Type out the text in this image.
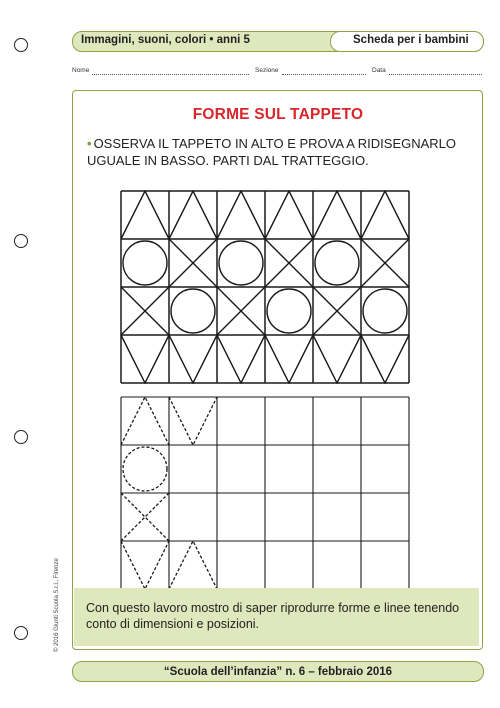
Immagini, suoni, colori • anni 5	Scheda per i bambini
Nome	Sezione	Data
FORME SUL TAPPETO
• OSSERVA IL TAPPETO IN ALTO E PROVA A RIDISEGNARLO UGUALE IN BASSO. PARTI DAL TRATTEGGIO.

Con questo lavoro mostro di saper riprodurre forme e linee tenendo conto di dimensioni e posizioni.

“Scuola dell’infanzia” n. 6 – febbraio 2016
© 2016 Giunti Scuola S.r.l., Firenze
